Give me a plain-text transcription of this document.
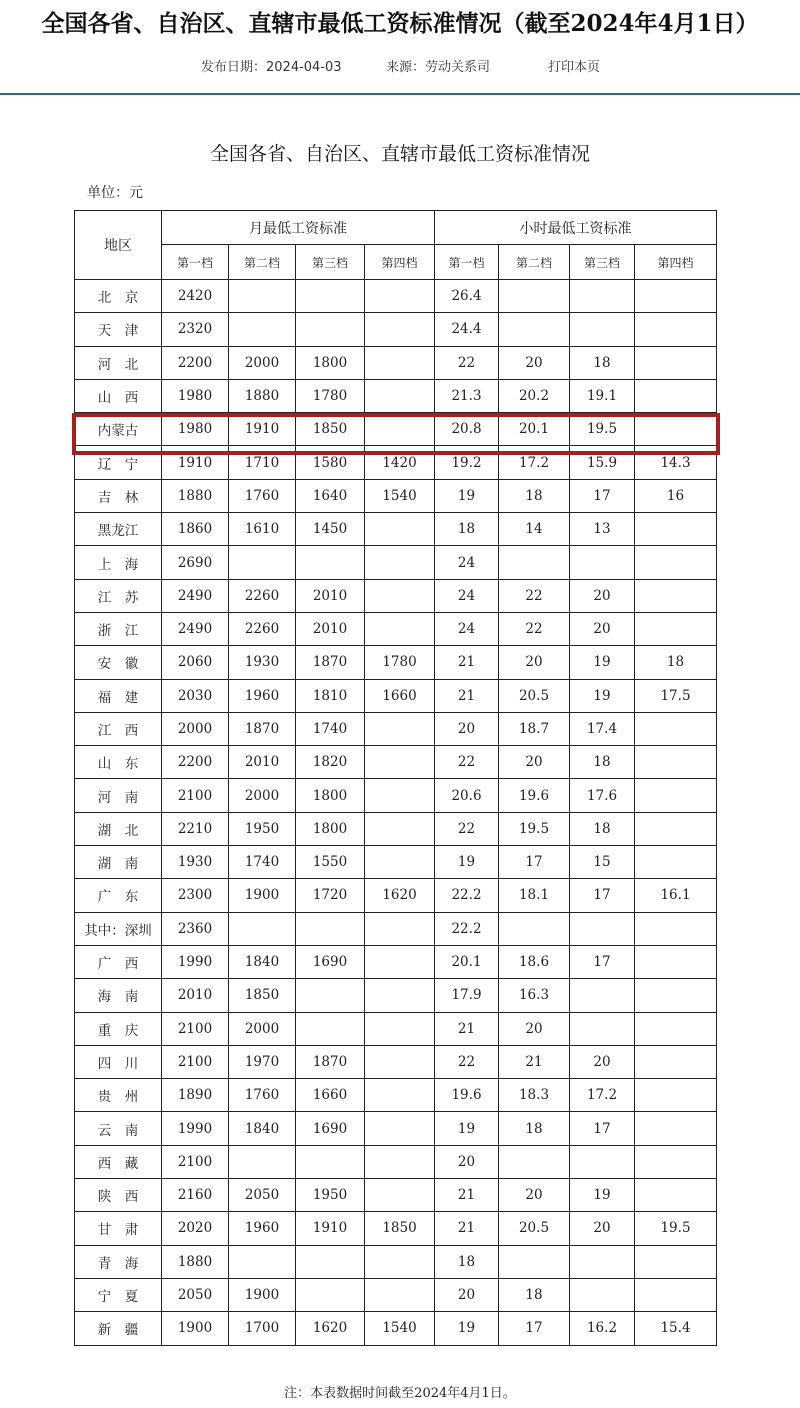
全国各省、自治区、直辖市最低工资标准情况（截至2024年4月1日）
发布日期：2024-04-03	来源：劳动关系司	打印本页
全国各省、自治区、直辖市最低工资标准情况
单位：元
地区	月最低工资标准				小时最低工资标准			
	第一档	第二档	第三档	第四档	第一档	第二档	第三档	第四档
北　京	2420				26.4			
天　津	2320				24.4			
河　北	2200	2000	1800		22	20	18	
山　西	1980	1880	1780		21.3	20.2	19.1	
内蒙古	1980	1910	1850		20.8	20.1	19.5	
辽　宁	1910	1710	1580	1420	19.2	17.2	15.9	14.3
吉　林	1880	1760	1640	1540	19	18	17	16
黑龙江	1860	1610	1450		18	14	13	
上　海	2690				24			
江　苏	2490	2260	2010		24	22	20	
浙　江	2490	2260	2010		24	22	20	
安　徽	2060	1930	1870	1780	21	20	19	18
福　建	2030	1960	1810	1660	21	20.5	19	17.5
江　西	2000	1870	1740		20	18.7	17.4	
山　东	2200	2010	1820		22	20	18	
河　南	2100	2000	1800		20.6	19.6	17.6	
湖　北	2210	1950	1800		22	19.5	18	
湖　南	1930	1740	1550		19	17	15	
广　东	2300	1900	1720	1620	22.2	18.1	17	16.1
其中：深圳	2360				22.2			
广　西	1990	1840	1690		20.1	18.6	17	
海　南	2010	1850			17.9	16.3		
重　庆	2100	2000			21	20		
四　川	2100	1970	1870		22	21	20	
贵　州	1890	1760	1660		19.6	18.3	17.2	
云　南	1990	1840	1690		19	18	17	
西　藏	2100				20			
陕　西	2160	2050	1950		21	20	19	
甘　肃	2020	1960	1910	1850	21	20.5	20	19.5
青　海	1880				18			
宁　夏	2050	1900			20	18		
新　疆	1900	1700	1620	1540	19	17	16.2	15.4
注：本表数据时间截至2024年4月1日。
